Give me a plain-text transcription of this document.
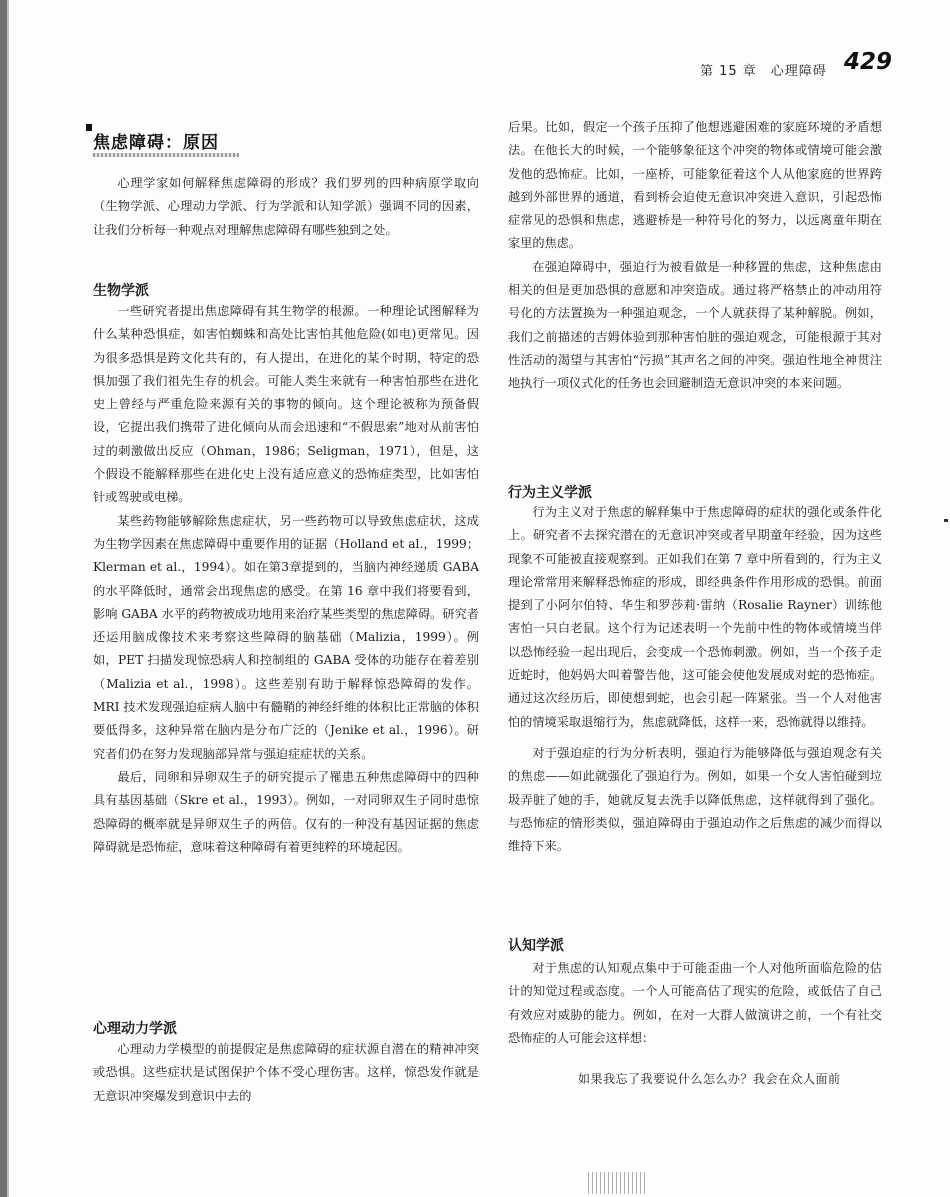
第 15 章　心理障碍 429
焦虑障碍：原因

心理学家如何解释焦虑障碍的形成？我们罗列的四种病原学取向（生物学派、心理动力学派、行为学派和认知学派）强调不同的因素，让我们分析每一种观点对理解焦虑障碍有哪些独到之处。

生物学派

一些研究者提出焦虑障碍有其生物学的根源。一种理论试图解释为什么某种恐惧症，如害怕蜘蛛和高处比害怕其他危险(如电)更常见。因为很多恐惧是跨文化共有的，有人提出，在进化的某个时期，特定的恐惧加强了我们祖先生存的机会。可能人类生来就有一种害怕那些在进化史上曾经与严重危险来源有关的事物的倾向。这个理论被称为预备假设，它提出我们携带了进化倾向从而会迅速和“不假思索”地对从前害怕过的刺激做出反应（Ohman，1986；Seligman，1971），但是，这个假设不能解释那些在进化史上没有适应意义的恐怖症类型，比如害怕针或驾驶或电梯。

某些药物能够解除焦虑症状，另一些药物可以导致焦虑症状，这成为生物学因素在焦虑障碍中重要作用的证据（Holland et al.，1999；Klerman et al.，1994）。如在第3章提到的，当脑内神经递质 GABA 的水平降低时，通常会出现焦虑的感受。在第 16 章中我们将要看到，影响 GABA 水平的药物被成功地用来治疗某些类型的焦虑障碍。研究者还运用脑成像技术来考察这些障碍的脑基础（Malizia，1999）。例如，PET 扫描发现惊恐病人和控制组的 GABA 受体的功能存在着差别（Malizia et al.，1998）。这些差别有助于解释惊恐障碍的发作。MRI 技术发现强迫症病人脑中有髓鞘的神经纤维的体积比正常脑的体积要低得多，这种异常在脑内是分布广泛的（Jenike et al.，1996）。研究者们仍在努力发现脑部异常与强迫症症状的关系。

最后，同卵和异卵双生子的研究提示了罹患五种焦虑障碍中的四种具有基因基础（Skre et al.，1993）。例如，一对同卵双生子同时患惊恐障碍的概率就是异卵双生子的两倍。仅有的一种没有基因证据的焦虑障碍就是恐怖症，意味着这种障碍有着更纯粹的环境起因。

心理动力学派

心理动力学模型的前提假定是焦虑障碍的症状源自潜在的精神冲突或恐惧。这些症状是试图保护个体不受心理伤害。这样，惊恐发作就是无意识冲突爆发到意识中去的

后果。比如，假定一个孩子压抑了他想逃避困难的家庭环境的矛盾想法。在他长大的时候，一个能够象征这个冲突的物体或情境可能会激发他的恐怖症。比如，一座桥，可能象征着这个人从他家庭的世界跨越到外部世界的通道，看到桥会迫使无意识冲突进入意识，引起恐怖症常见的恐惧和焦虑，逃避桥是一种符号化的努力，以远离童年期在家里的焦虑。

在强迫障碍中，强迫行为被看做是一种移置的焦虑，这种焦虑由相关的但是更加恐惧的意愿和冲突造成。通过将严格禁止的冲动用符号化的方法置换为一种强迫观念，一个人就获得了某种解脱。例如，我们之前描述的吉姆体验到那种害怕脏的强迫观念，可能根源于其对性活动的渴望与其害怕“污损”其声名之间的冲突。强迫性地全神贯注地执行一项仪式化的任务也会回避制造无意识冲突的本来问题。

行为主义学派

行为主义对于焦虑的解释集中于焦虑障碍的症状的强化或条件化上。研究者不去探究潜在的无意识冲突或者早期童年经验，因为这些现象不可能被直接观察到。正如我们在第 7 章中所看到的，行为主义理论常常用来解释恐怖症的形成，即经典条件作用形成的恐惧。前面提到了小阿尔伯特、华生和罗莎莉·雷纳（Rosalie Rayner）训练他害怕一只白老鼠。这个行为记述表明一个先前中性的物体或情境当伴以恐怖经验一起出现后，会变成一个恐怖刺激。例如，当一个孩子走近蛇时，他妈妈大叫着警告他，这可能会使他发展成对蛇的恐怖症。通过这次经历后，即使想到蛇，也会引起一阵紧张。当一个人对他害怕的情境采取退缩行为，焦虑就降低，这样一来，恐怖就得以维持。

对于强迫症的行为分析表明，强迫行为能够降低与强迫观念有关的焦虑——如此就强化了强迫行为。例如，如果一个女人害怕碰到垃圾弄脏了她的手，她就反复去洗手以降低焦虑，这样就得到了强化。与恐怖症的情形类似，强迫障碍由于强迫动作之后焦虑的减少而得以维持下来。

认知学派

对于焦虑的认知观点集中于可能歪曲一个人对他所面临危险的估计的知觉过程或态度。一个人可能高估了现实的危险，或低估了自己有效应对威胁的能力。例如，在对一大群人做演讲之前，一个有社交恐怖症的人可能会这样想：

如果我忘了我要说什么怎么办？我会在众人面前
